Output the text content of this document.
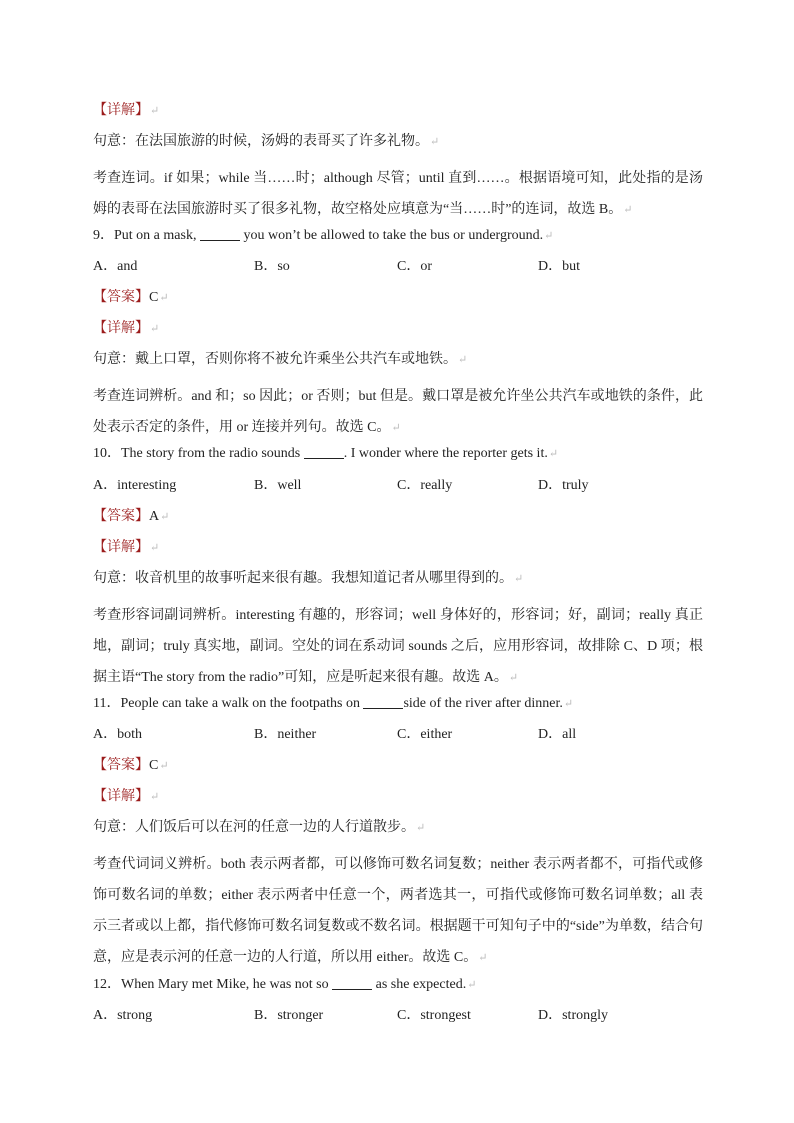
【详解】↵
句意：在法国旅游的时候，汤姆的表哥买了许多礼物。↵
考查连词。if 如果；while 当……时；although 尽管；until 直到……。根据语境可知，此处指的是汤姆的表哥在法国旅游时买了很多礼物，故空格处应填意为“当……时”的连词，故选 B。↵
9．Put on a mask,	you won’t be allowed to take the bus or underground.↵
A．and	B．so	C．or	D．but
【答案】C↵
【详解】↵
句意：戴上口罩，否则你将不被允许乘坐公共汽车或地铁。↵
考查连词辨析。and 和；so 因此；or 否则；but 但是。戴口罩是被允许坐公共汽车或地铁的条件，此处表示否定的条件，用 or 连接并列句。故选 C。↵
10．The story from the radio sounds	. I wonder where the reporter gets it.↵
A．interesting	B．well	C．really	D．truly
【答案】A↵
【详解】↵
句意：收音机里的故事听起来很有趣。我想知道记者从哪里得到的。↵
考查形容词副词辨析。interesting 有趣的，形容词；well 身体好的，形容词；好，副词；really 真正地，副词；truly 真实地，副词。空处的词在系动词 sounds 之后，应用形容词，故排除 C、D 项；根据主语“The story from the radio”可知，应是听起来很有趣。故选 A。↵
11．People can take a walk on the footpaths on	side of the river after dinner.↵
A．both	B．neither	C．either	D．all
【答案】C↵
【详解】↵
句意：人们饭后可以在河的任意一边的人行道散步。↵
考查代词词义辨析。both 表示两者都，可以修饰可数名词复数；neither 表示两者都不，可指代或修饰可数名词的单数；either 表示两者中任意一个，两者选其一，可指代或修饰可数名词单数；all 表示三者或以上都，指代修饰可数名词复数或不数名词。根据题干可知句子中的“side”为单数，结合句意，应是表示河的任意一边的人行道，所以用 either。故选 C。↵
12．When Mary met Mike, he was not so	as she expected.↵
A．strong	B．stronger	C．strongest	D．strongly
